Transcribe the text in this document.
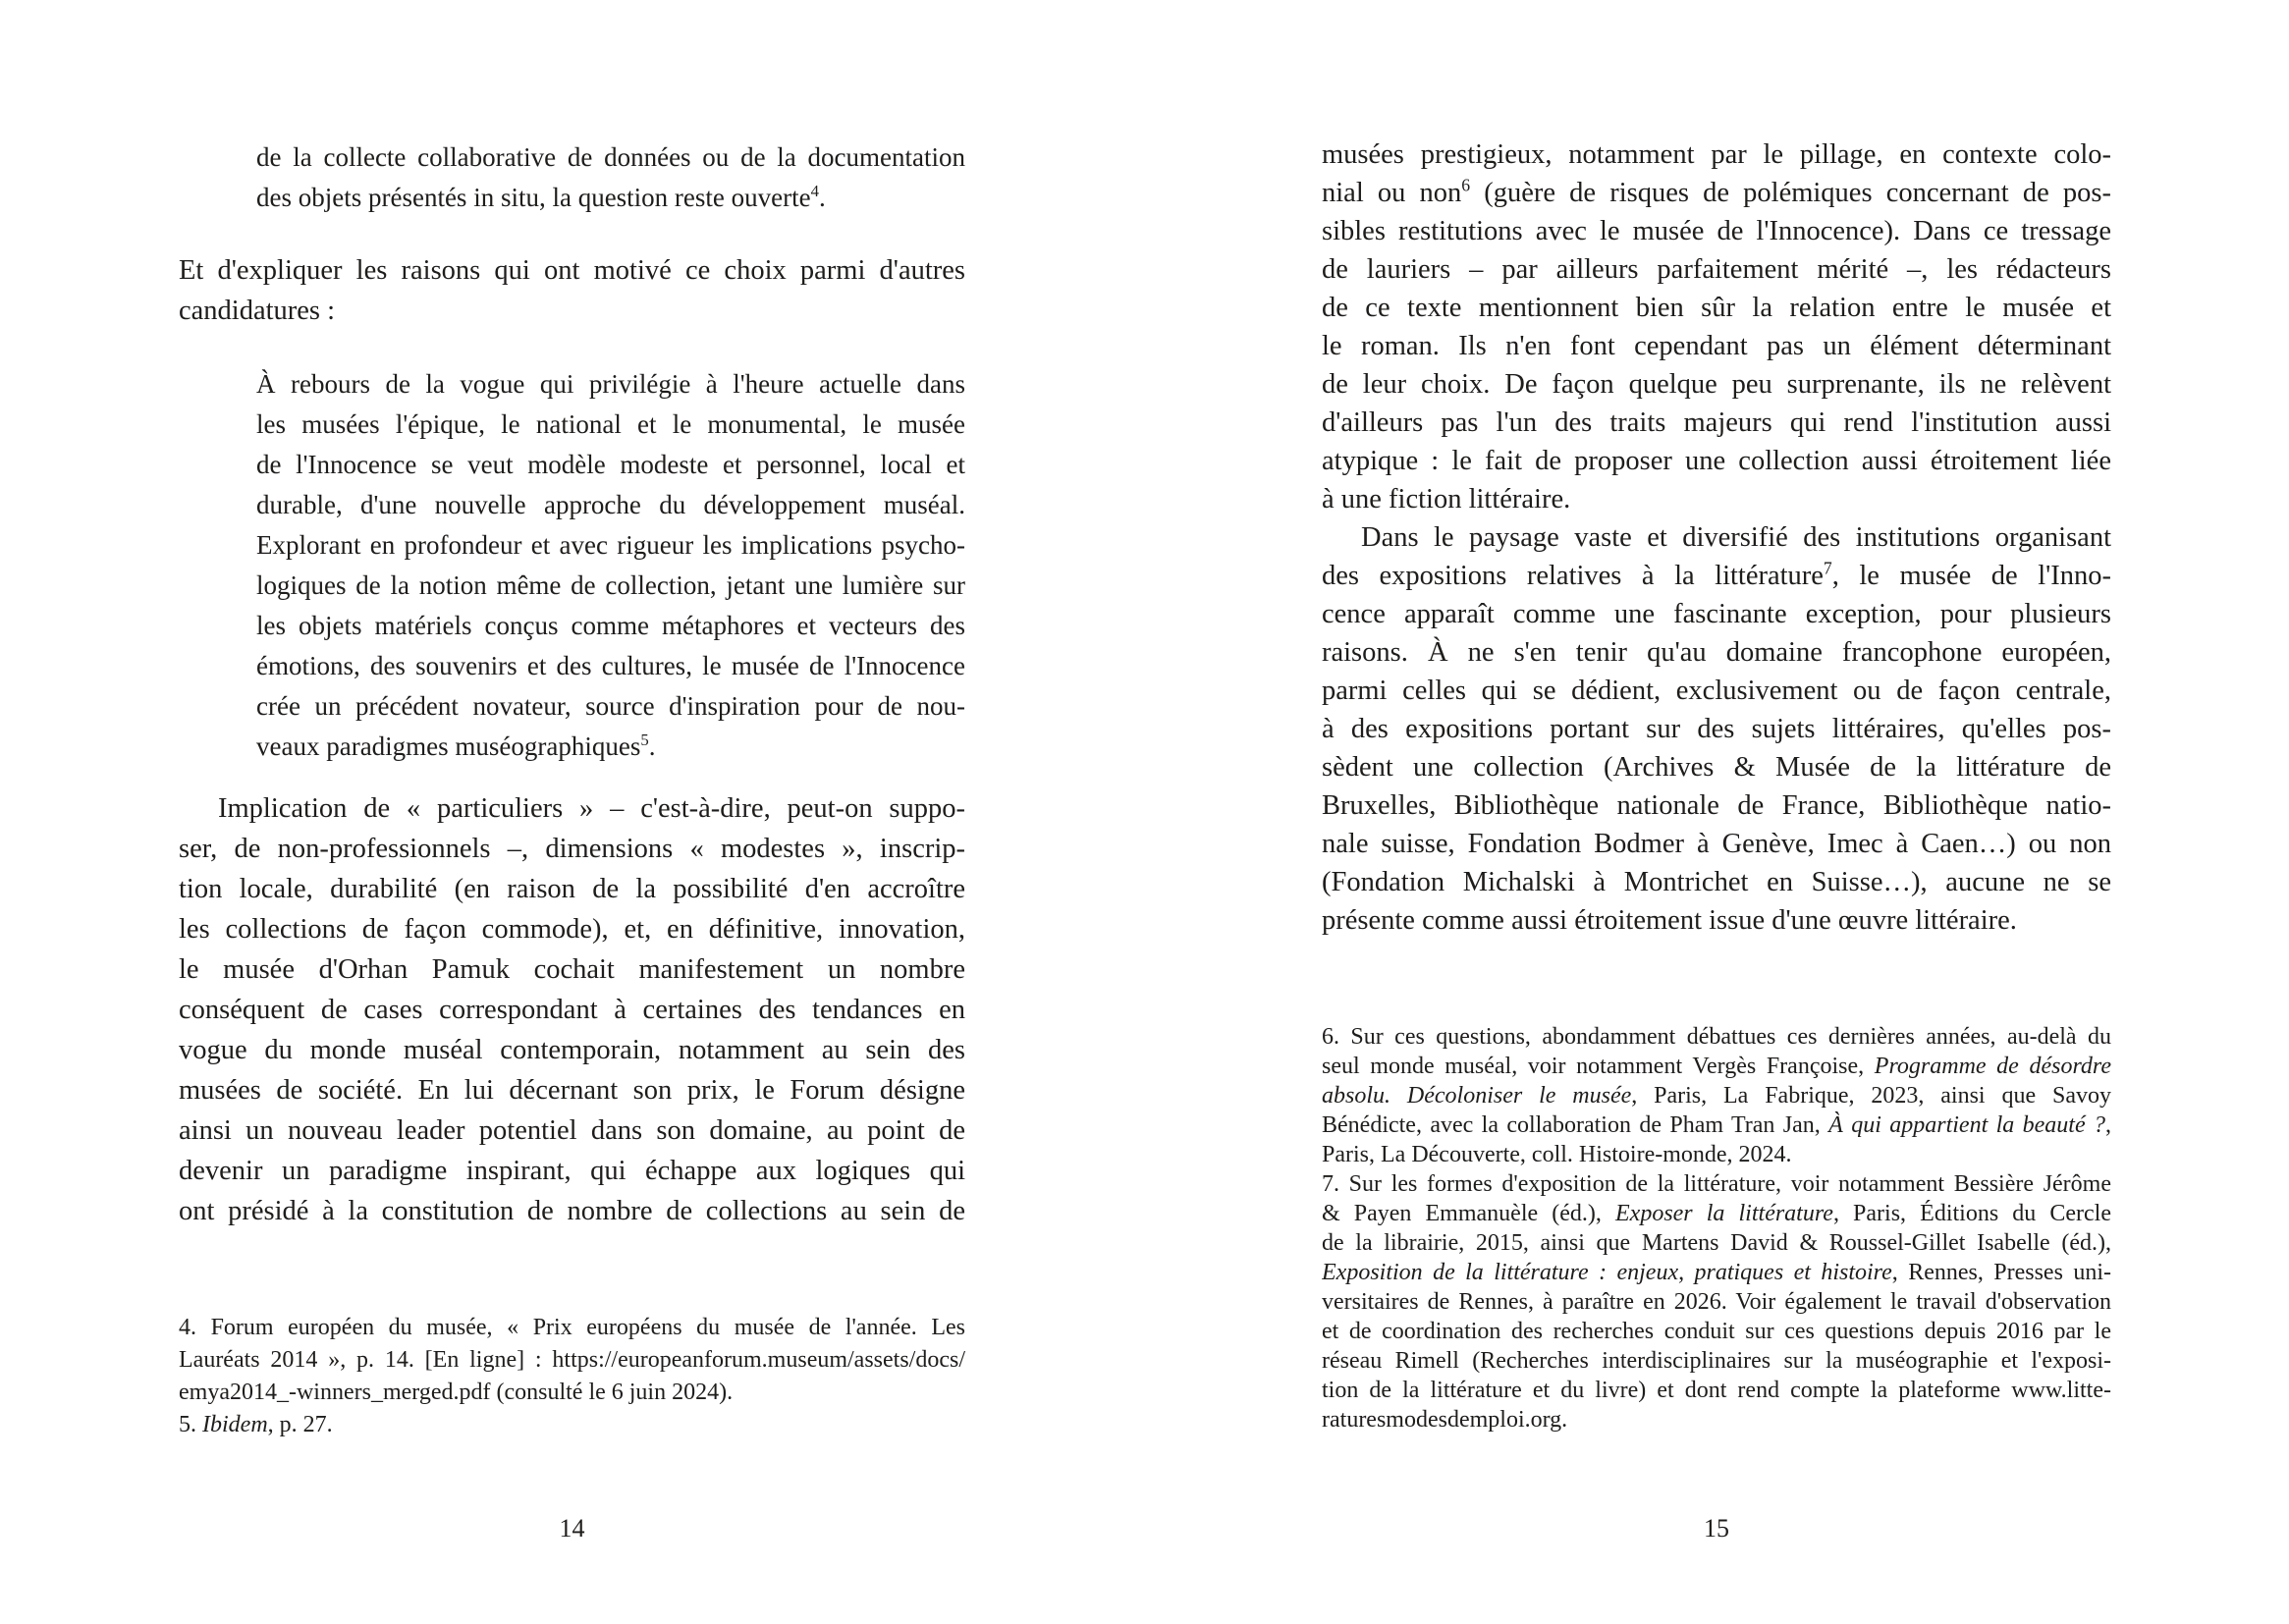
de la collecte collaborative de données ou de la documentation
des objets présentés in situ, la question reste ouverte$^4$.
Et d'expliquer les raisons qui ont motivé ce choix parmi d'autres
candidatures :
À rebours de la vogue qui privilégie à l'heure actuelle dans
les musées l'épique, le national et le monumental, le musée
de l'Innocence se veut modèle modeste et personnel, local et
durable, d'une nouvelle approche du développement muséal.
Explorant en profondeur et avec rigueur les implications psycho-
logiques de la notion même de collection, jetant une lumière sur
les objets matériels conçus comme métaphores et vecteurs des
émotions, des souvenirs et des cultures, le musée de l'Innocence
crée un précédent novateur, source d'inspiration pour de nou-
veaux paradigmes muséographiques$^5$.
Implication de « particuliers » – c'est-à-dire, peut-on suppo-
ser, de non-professionnels –, dimensions « modestes », inscrip-
tion locale, durabilité (en raison de la possibilité d'en accroître
les collections de façon commode), et, en définitive, innovation,
le musée d'Orhan Pamuk cochait manifestement un nombre
conséquent de cases correspondant à certaines des tendances en
vogue du monde muséal contemporain, notamment au sein des
musées de société. En lui décernant son prix, le Forum désigne
ainsi un nouveau leader potentiel dans son domaine, au point de
devenir un paradigme inspirant, qui échappe aux logiques qui
ont présidé à la constitution de nombre de collections au sein de
4. Forum européen du musée, « Prix européens du musée de l'année. Les
Lauréats 2014 », p. 14. [En ligne] : https://europeanforum.museum/assets/docs/
emya2014_-winners_merged.pdf (consulté le 6 juin 2024).
5. Ibidem, p. 27.
14
musées prestigieux, notamment par le pillage, en contexte colo-
nial ou non$^6$ (guère de risques de polémiques concernant de pos-
sibles restitutions avec le musée de l'Innocence). Dans ce tressage
de lauriers – par ailleurs parfaitement mérité –, les rédacteurs
de ce texte mentionnent bien sûr la relation entre le musée et
le roman. Ils n'en font cependant pas un élément déterminant
de leur choix. De façon quelque peu surprenante, ils ne relèvent
d'ailleurs pas l'un des traits majeurs qui rend l'institution aussi
atypique : le fait de proposer une collection aussi étroitement liée
à une fiction littéraire.
Dans le paysage vaste et diversifié des institutions organisant
des expositions relatives à la littérature$^7$, le musée de l'Inno-
cence apparaît comme une fascinante exception, pour plusieurs
raisons. À ne s'en tenir qu'au domaine francophone européen,
parmi celles qui se dédient, exclusivement ou de façon centrale,
à des expositions portant sur des sujets littéraires, qu'elles pos-
sèdent une collection (Archives & Musée de la littérature de
Bruxelles, Bibliothèque nationale de France, Bibliothèque natio-
nale suisse, Fondation Bodmer à Genève, Imec à Caen…) ou non
(Fondation Michalski à Montrichet en Suisse…), aucune ne se
présente comme aussi étroitement issue d'une œuvre littéraire.
6. Sur ces questions, abondamment débattues ces dernières années, au-delà du
seul monde muséal, voir notamment Vergès Françoise, Programme de désordre
absolu. Décoloniser le musée, Paris, La Fabrique, 2023, ainsi que Savoy
Bénédicte, avec la collaboration de Pham Tran Jan, À qui appartient la beauté ?,
Paris, La Découverte, coll. Histoire-monde, 2024.
7. Sur les formes d'exposition de la littérature, voir notamment Bessière Jérôme
& Payen Emmanuèle (éd.), Exposer la littérature, Paris, Éditions du Cercle
de la librairie, 2015, ainsi que Martens David & Roussel-Gillet Isabelle (éd.),
Exposition de la littérature : enjeux, pratiques et histoire, Rennes, Presses uni-
versitaires de Rennes, à paraître en 2026. Voir également le travail d'observation
et de coordination des recherches conduit sur ces questions depuis 2016 par le
réseau Rimell (Recherches interdisciplinaires sur la muséographie et l'exposi-
tion de la littérature et du livre) et dont rend compte la plateforme www.litte-
raturesmodesdemploi.org.
15
